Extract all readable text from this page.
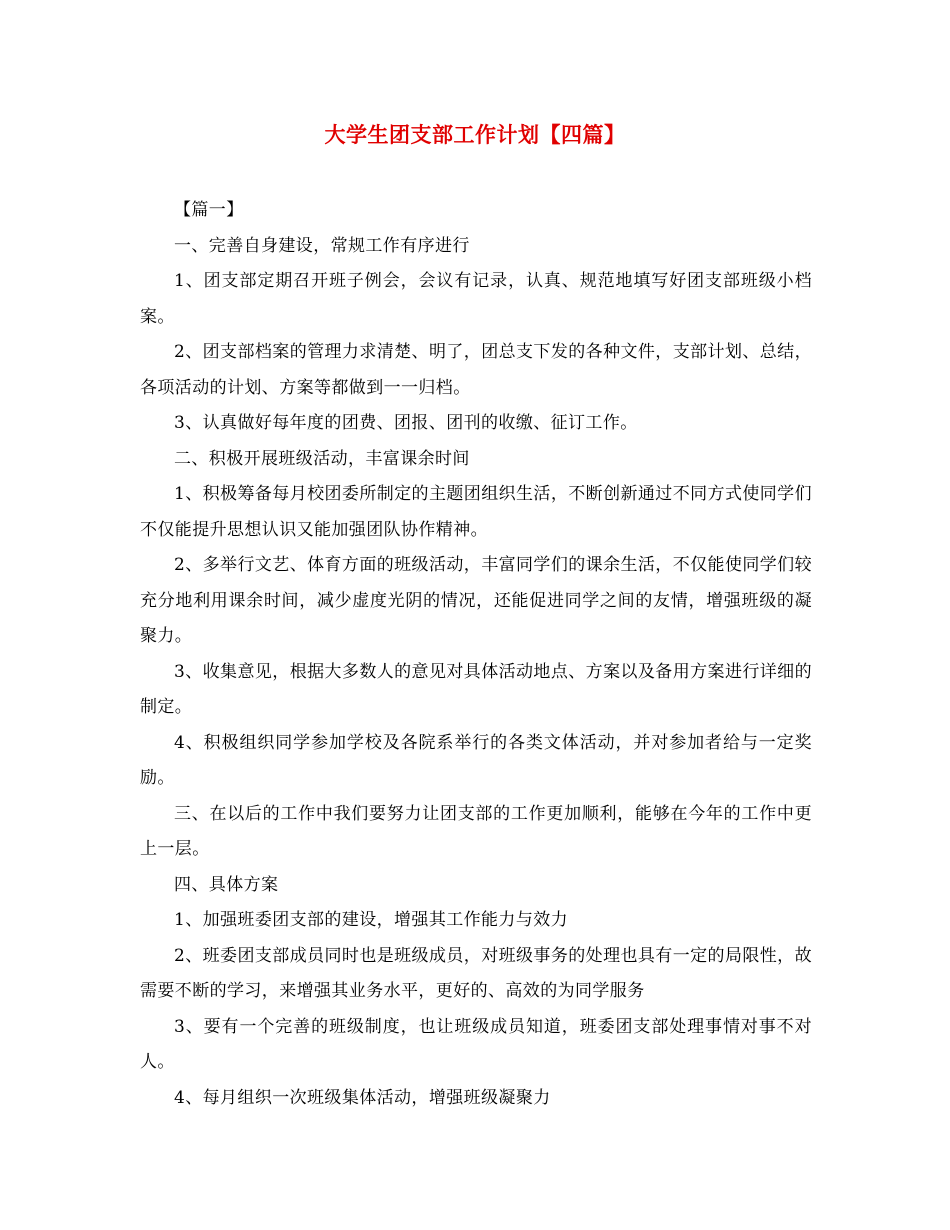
大学生团支部工作计划【四篇】

【篇一】

一、完善自身建设，常规工作有序进行

1、团支部定期召开班子例会，会议有记录，认真、规范地填写好团支部班级小档案。

2、团支部档案的管理力求清楚、明了，团总支下发的各种文件，支部计划、总结，各项活动的计划、方案等都做到一一归档。

3、认真做好每年度的团费、团报、团刊的收缴、征订工作。

二、积极开展班级活动，丰富课余时间

1、积极筹备每月校团委所制定的主题团组织生活，不断创新通过不同方式使同学们不仅能提升思想认识又能加强团队协作精神。

2、多举行文艺、体育方面的班级活动，丰富同学们的课余生活，不仅能使同学们较充分地利用课余时间，减少虚度光阴的情况，还能促进同学之间的友情，增强班级的凝聚力。

3、收集意见，根据大多数人的意见对具体活动地点、方案以及备用方案进行详细的制定。

4、积极组织同学参加学校及各院系举行的各类文体活动，并对参加者给与一定奖励。

三、在以后的工作中我们要努力让团支部的工作更加顺利，能够在今年的工作中更上一层。

四、具体方案

1、加强班委团支部的建设，增强其工作能力与效力

2、班委团支部成员同时也是班级成员，对班级事务的处理也具有一定的局限性，故需要不断的学习，来增强其业务水平，更好的、高效的为同学服务

3、要有一个完善的班级制度，也让班级成员知道，班委团支部处理事情对事不对人。

4、每月组织一次班级集体活动，增强班级凝聚力
